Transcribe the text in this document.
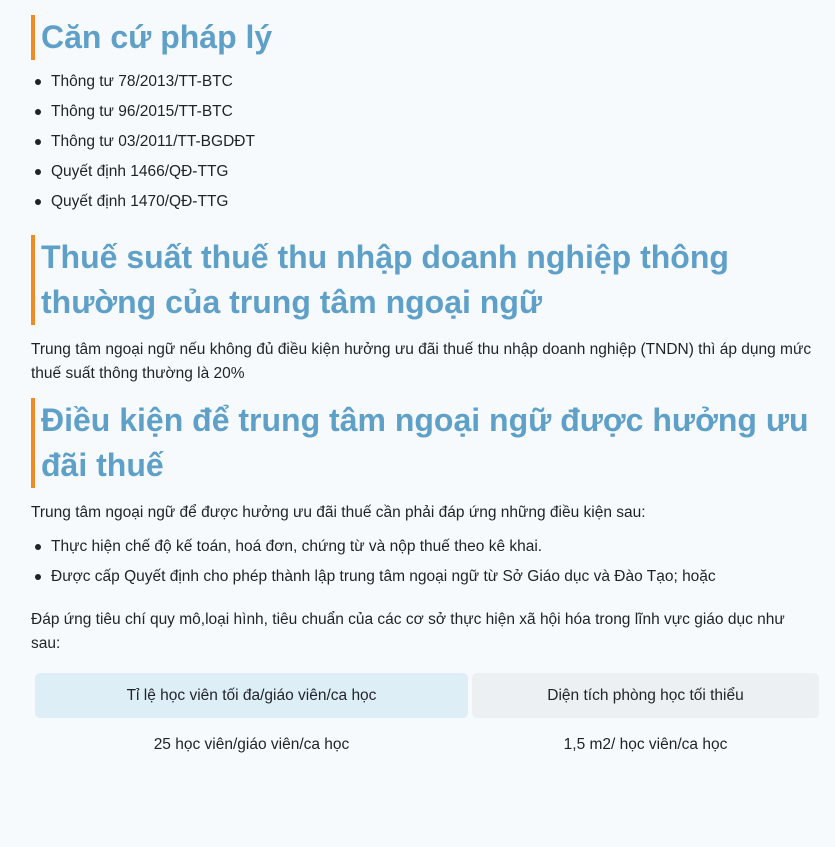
Căn cứ pháp lý
Thông tư 78/2013/TT-BTC
Thông tư 96/2015/TT-BTC
Thông tư 03/2011/TT-BGDĐT
Quyết định 1466/QĐ-TTG
Quyết định 1470/QĐ-TTG
Thuế suất thuế thu nhập doanh nghiệp thông thường của trung tâm ngoại ngữ

Trung tâm ngoại ngữ nếu không đủ điều kiện hưởng ưu đãi thuế thu nhập doanh nghiệp (TNDN) thì áp dụng mức thuế suất thông thường là 20%

Điều kiện để trung tâm ngoại ngữ được hưởng ưu đãi thuế

Trung tâm ngoại ngữ để được hưởng ưu đãi thuế cần phải đáp ứng những điều kiện sau:

Thực hiện chế độ kế toán, hoá đơn, chứng từ và nộp thuế theo kê khai.
Được cấp Quyết định cho phép thành lập trung tâm ngoại ngữ từ Sở Giáo dục và Đào Tạo; hoặc

Đáp ứng tiêu chí quy mô,loại hình, tiêu chuẩn của các cơ sở thực hiện xã hội hóa trong lĩnh vực giáo dục như sau:

Tỉ lệ học viên tối đa/giáo viên/ca học	Diện tích phòng học tối thiểu
25 học viên/giáo viên/ca học	1,5 m2/ học viên/ca học
